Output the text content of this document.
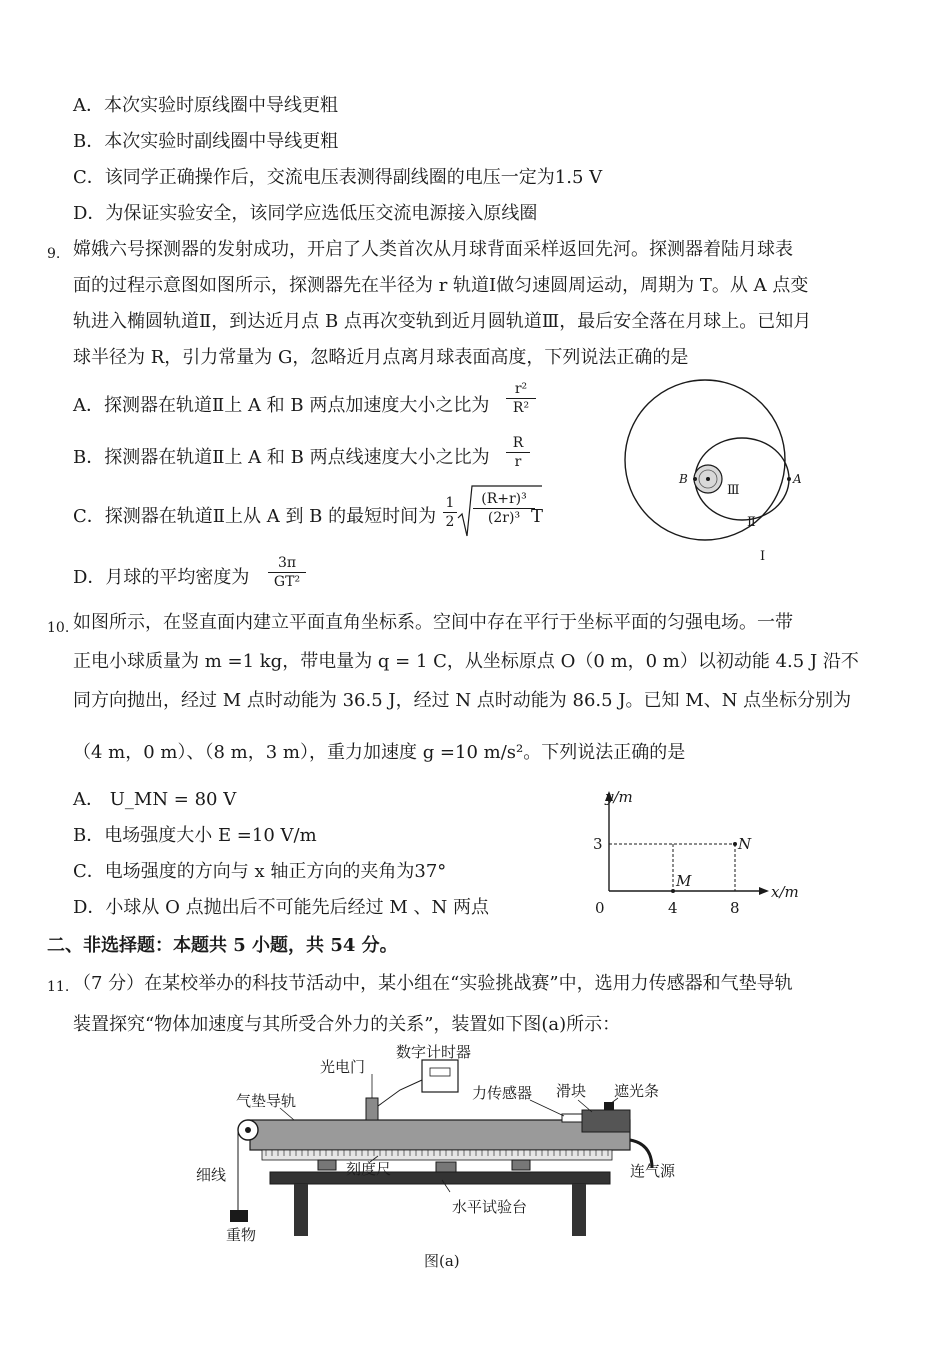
A．本次实验时原线圈中导线更粗
B．本次实验时副线圈中导线更粗
C．该同学正确操作后，交流电压表测得副线圈的电压一定为1.5 V
D．为保证实验安全，该同学应选低压交流电源接入原线圈
9. 嫦娥六号探测器的发射成功，开启了人类首次从月球背面采样返回先河。探测器着陆月球表
面的过程示意图如图所示，探测器先在半径为 r 轨道Ⅰ做匀速圆周运动，周期为 T。从 A 点变
轨进入椭圆轨道Ⅱ，到达近月点 B 点再次变轨到近月圆轨道Ⅲ，最后安全落在月球上。已知月
球半径为 R，引力常量为 G，忽略近月点离月球表面高度，下列说法正确的是
A．探测器在轨道Ⅱ上 A 和 B 两点加速度大小之比为 $\frac{\text{r²}}{\text{R²}}$
B．探测器在轨道Ⅱ上 A 和 B 两点线速度大小之比为 $\frac{R}{r}$
C．探测器在轨道Ⅱ上从 A 到 B 的最短时间为 $\frac{1}{2} \frac{\text{(R+r)³}}{\text{(2r)³}}$
T
D．月球的平均密度为 $\frac{3\pi}{\text{GT²}}$
B	A
Ⅲ
Ⅱ
Ⅰ
10. 如图所示，在竖直面内建立平面直角坐标系。空间中存在平行于坐标平面的匀强电场。一带
正电小球质量为 m =1 kg，带电量为 q = 1 C，从坐标原点 O（0 m，0 m）以初动能 4.5 J 沿不
同方向抛出，经过 M 点时动能为 36.5 J，经过 N 点时动能为 86.5 J。已知 M、N 点坐标分别为
（4 m，0 m）、（8 m，3 m），重力加速度 g =10 m/s²。下列说法正确的是
A． U_MN = 80 V
B．电场强度大小 E =10 V/m
C．电场强度的方向与 x 轴正方向的夹角为37°
D．小球从 O 点抛出后不可能先后经过 M 、N 两点
y/m
x/m
0
3
4	8
M
N
二、非选择题：本题共 5 小题，共 54 分。
11. （7 分）在某校举办的科技节活动中，某小组在“实验挑战赛”中，选用力传感器和气垫导轨
装置探究“物体加速度与其所受合外力的关系”，装置如下图(a)所示：
数字计时器
光电门
气垫导轨	力传感器 滑块 遮光条
细线	刻度尺	连气源
水平试验台
重物
图(a)
